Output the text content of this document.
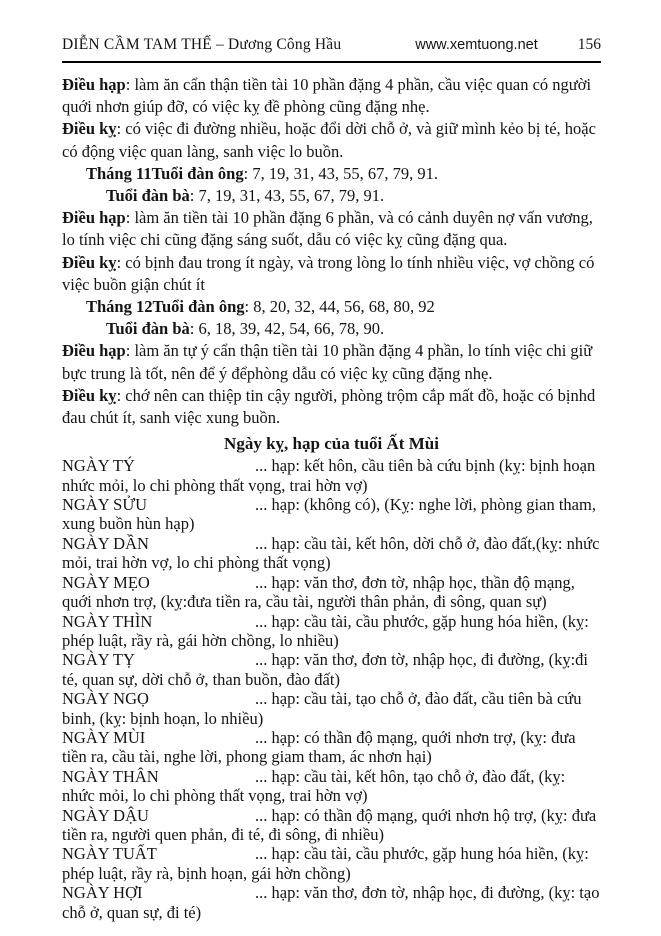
DIỄN CẦM TAM THẾ – Dương Công Hầu	www.xemtuong.net	156

Điều hạp: làm ăn cẩn thận tiền tài 10 phần đặng 4 phần, cầu việc quan có người quới nhơn giúp đỡ, có việc kỵ đề phòng cũng đặng nhẹ.

Điều kỵ: có việc đi đường nhiều, hoặc đổi dời chỗ ở, và giữ mình kẻo bị té, hoặc có động việc quan làng, sanh việc lo buồn.

Tháng 11Tuổi đàn ông: 7, 19, 31, 43, 55, 67, 79, 91.

Tuổi đàn bà: 7, 19, 31, 43, 55, 67, 79, 91.

Điều hạp: làm ăn tiền tài 10 phần đặng 6 phần, và có cảnh duyên nợ vấn vương, lo tính việc chi cũng đặng sáng suốt, dẫu có việc kỵ cũng đặng qua.

Điều kỵ: có bịnh đau trong ít ngày, và trong lòng lo tính nhiều việc, vợ chồng có việc buồn giận chút ít

Tháng 12Tuổi đàn ông: 8, 20, 32, 44, 56, 68, 80, 92

Tuổi đàn bà: 6, 18, 39, 42, 54, 66, 78, 90.

Điều hạp: làm ăn tự ý cẩn thận tiền tài 10 phần đặng 4 phần, lo tính việc chi giữ bực trung là tốt, nên để ý đểphòng dẫu có việc kỵ cũng đặng nhẹ.

Điều kỵ: chớ nên can thiệp tin cậy người, phòng trộm cắp mất đồ, hoặc có bịnhd đau chút ít, sanh việc xung buồn.

Ngày kỵ, hạp của tuổi Ất Mùi

NGÀY TÝ	... hạp: kết hôn, cầu tiên bà cứu bịnh (kỵ: bịnh hoạn nhức mỏi, lo chi phòng thất vọng, trai hờn vợ)

NGÀY SỬU	... hạp: (không có), (Kỵ: nghe lời, phòng gian tham, xung buồn hùn hạp)

NGÀY DẦN	... hạp: cầu tài, kết hôn, dời chỗ ở, đào đất,(kỵ: nhức mỏi, trai hờn vợ, lo chi phòng thất vọng)

NGÀY MẸO	... hạp: văn thơ, đơn tờ, nhập học, thần độ mạng, quới nhơn trợ, (kỵ:đưa tiền ra, cầu tài, người thân phản, đi sông, quan sự)

NGÀY THÌN	... hạp: cầu tài, cầu phước, gặp hung hóa hiền, (kỵ: phép luật, rầy rà, gái hờn chồng, lo nhiều)

NGÀY TỴ	... hạp: văn thơ, đơn tờ, nhập học, đi đường, (kỵ:đi té, quan sự, dời chỗ ở, than buồn, đào đất)

NGÀY NGỌ	... hạp: cầu tài, tạo chỗ ở, đào đất, cầu tiên bà cứu binh, (kỵ: bịnh hoạn, lo nhiều)

NGÀY MÙI	... hạp: có thần độ mạng, quới nhơn trợ, (kỵ: đưa tiền ra, cầu tài, nghe lời, phong giam tham, ác nhơn hại)

NGÀY THÂN	... hạp: cầu tài, kết hôn, tạo chỗ ở, đào đất, (kỵ: nhức mỏi, lo chi phòng thất vọng, trai hờn vợ)

NGÀY DẬU	... hạp: có thần độ mạng, quới nhơn hộ trợ, (kỵ: đưa tiền ra, người quen phản, đi té, đi sông, đi nhiều)

NGÀY TUẤT	... hạp: cầu tài, cầu phước, gặp hung hóa hiền, (kỵ: phép luật, rầy rà, bịnh hoạn, gái hờn chồng)

NGÀY HỢI	... hạp: văn thơ, đơn tờ, nhập học, đi đường, (kỵ: tạo chỗ ở, quan sự, đi té)
